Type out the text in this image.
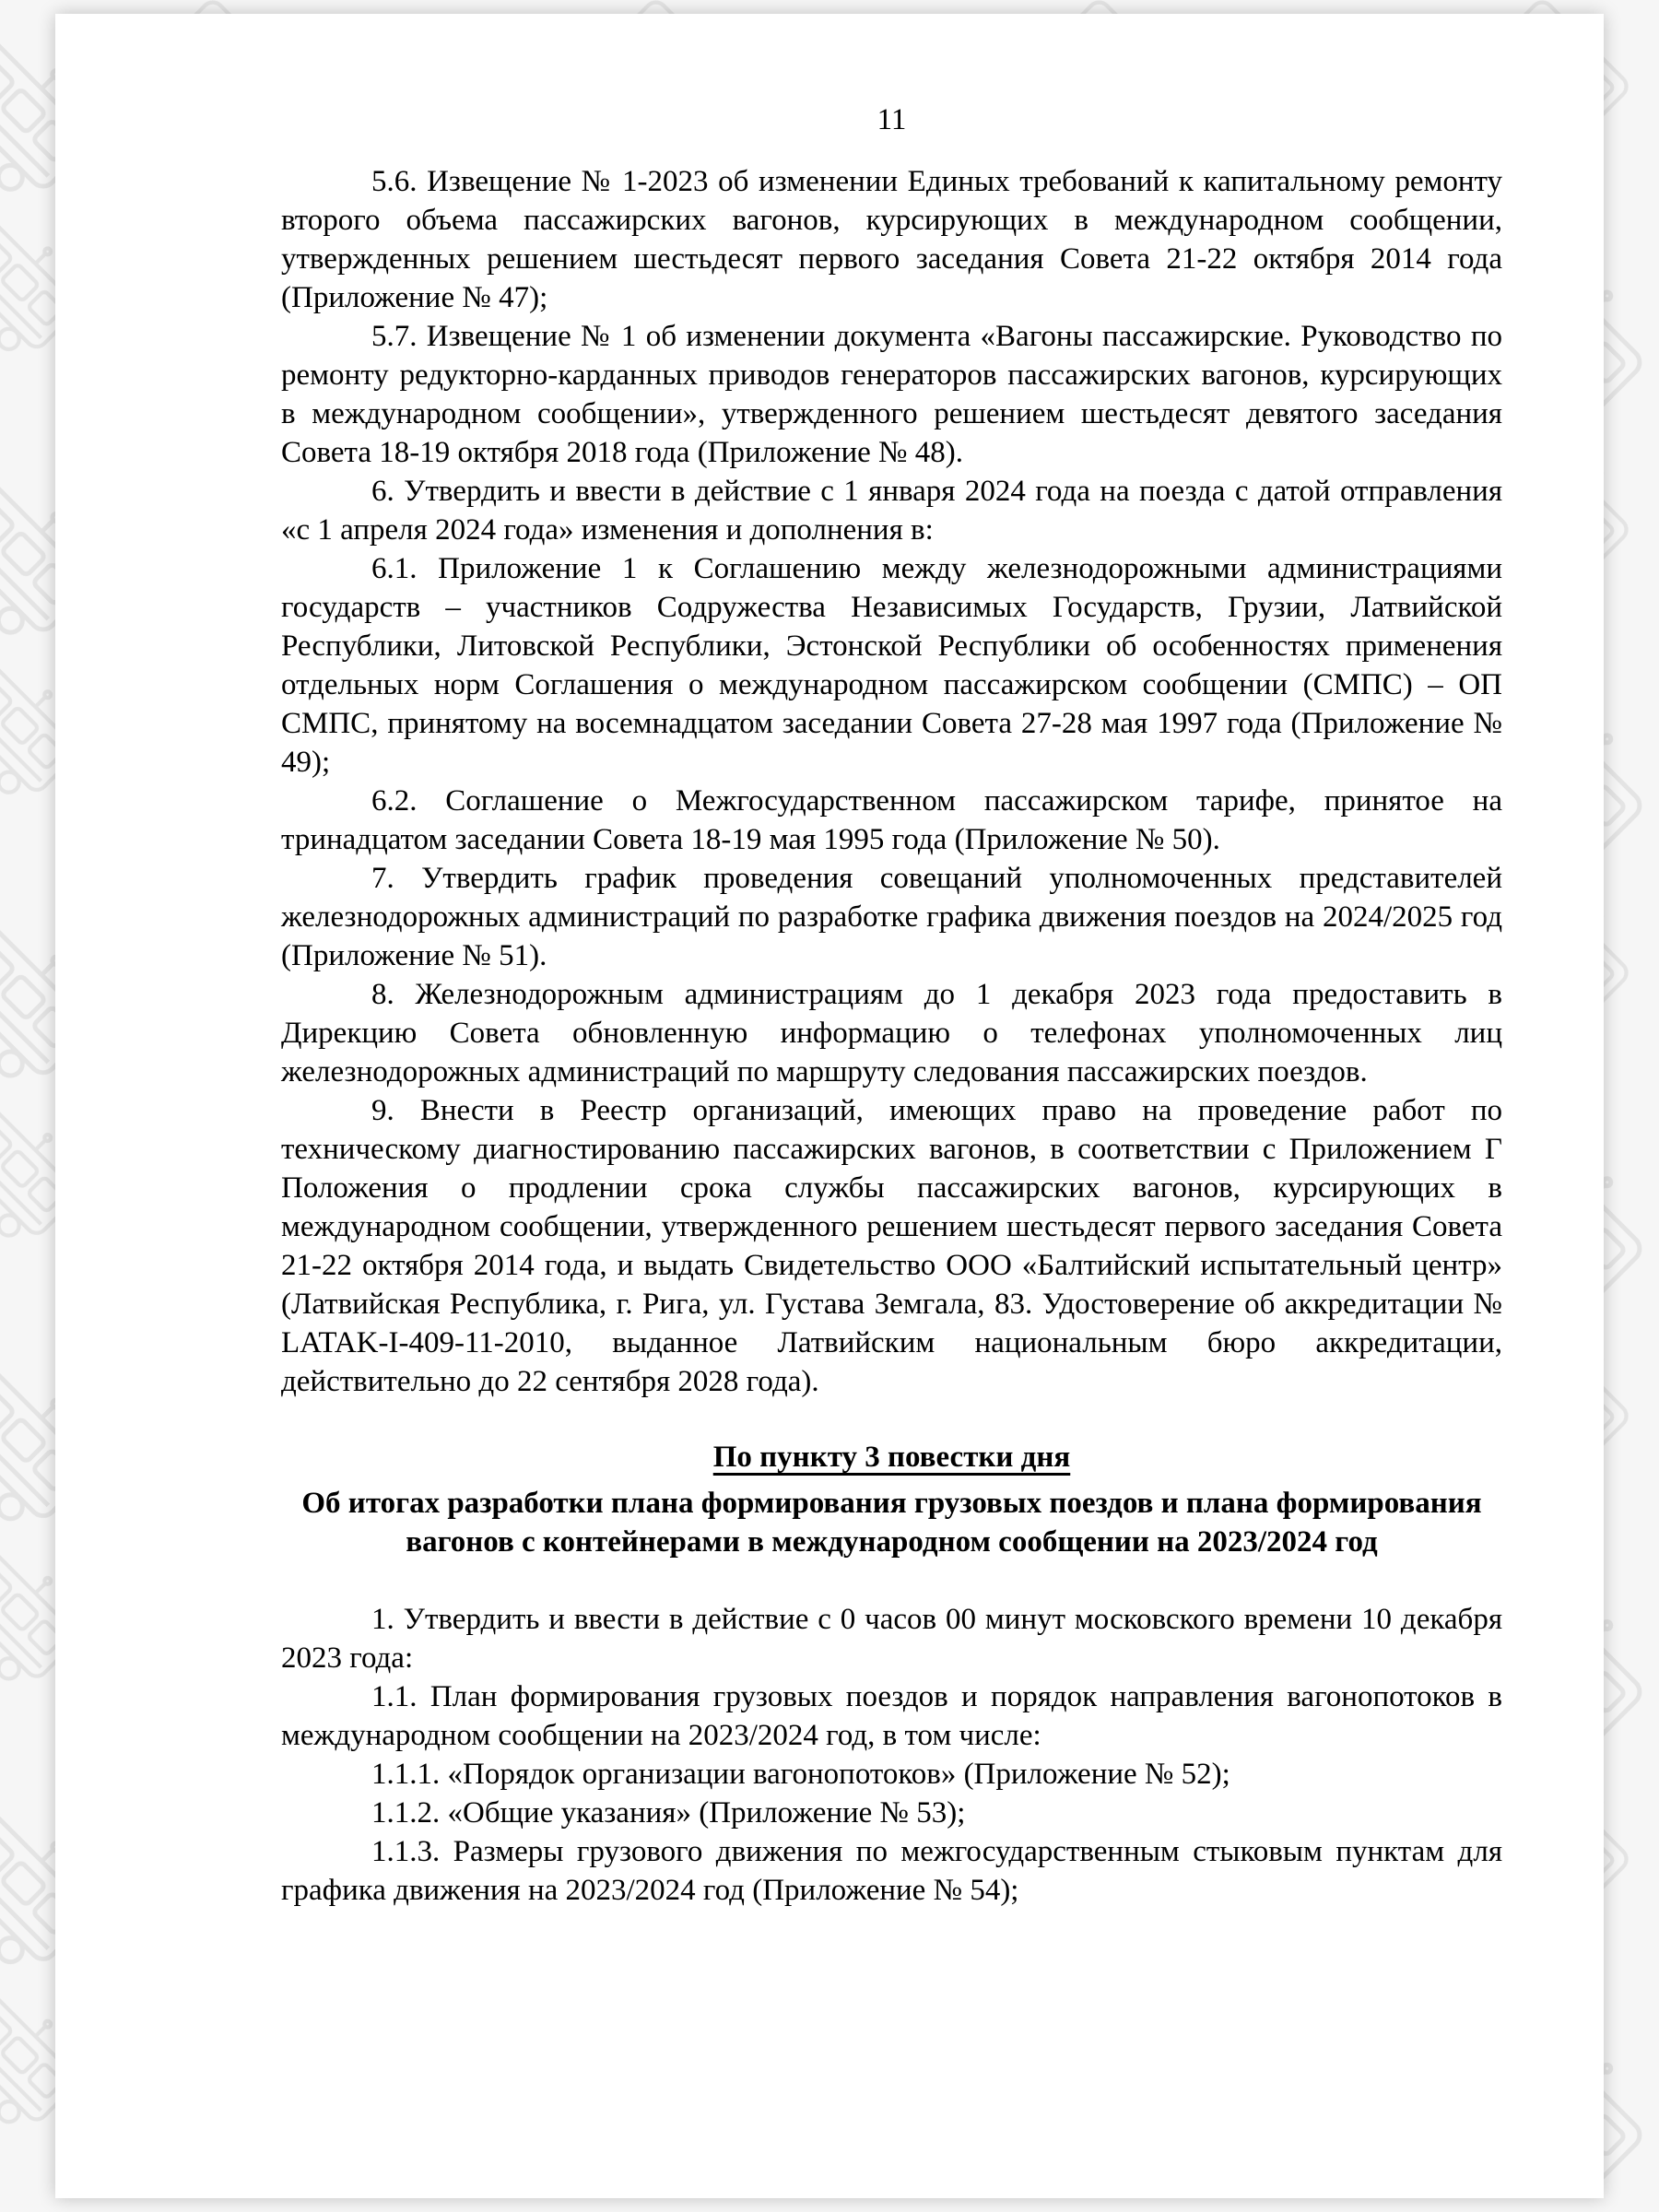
11

5.6. Извещение № 1-2023 об изменении Единых требований к капитальному ремонту второго объема пассажирских вагонов, курсирующих в международном сообщении, утвержденных решением шестьдесят первого заседания Совета 21-22 октября 2014 года (Приложение № 47);

5.7. Извещение № 1 об изменении документа «Вагоны пассажирские. Руководство по ремонту редукторно-карданных приводов генераторов пассажирских вагонов, курсирующих в международном сообщении», утвержденного решением шестьдесят девятого заседания Совета 18-19 октября 2018 года (Приложение № 48).

6. Утвердить и ввести в действие с 1 января 2024 года на поезда с датой отправления «с 1 апреля 2024 года» изменения и дополнения в:

6.1. Приложение 1 к Соглашению между железнодорожными администрациями государств – участников Содружества Независимых Государств, Грузии, Латвийской Республики, Литовской Республики, Эстонской Республики об особенностях применения отдельных норм Соглашения о международном пассажирском сообщении (СМПС) – ОП СМПС, принятому на восемнадцатом заседании Совета 27-28 мая 1997 года (Приложение № 49);

6.2. Соглашение о Межгосударственном пассажирском тарифе, принятое на тринадцатом заседании Совета 18-19 мая 1995 года (Приложение № 50).

7. Утвердить график проведения совещаний уполномоченных представителей железнодорожных администраций по разработке графика движения поездов на 2024/2025 год (Приложение № 51).

8. Железнодорожным администрациям до 1 декабря 2023 года предоставить в Дирекцию Совета обновленную информацию о телефонах уполномоченных лиц железнодорожных администраций по маршруту следования пассажирских поездов.

9. Внести в Реестр организаций, имеющих право на проведение работ по техническому диагностированию пассажирских вагонов, в соответствии с Приложением Г Положения о продлении срока службы пассажирских вагонов, курсирующих в международном сообщении, утвержденного решением шестьдесят первого заседания Совета 21-22 октября 2014 года, и выдать Свидетельство ООО «Балтийский испытательный центр» (Латвийская Республика, г. Рига, ул. Густава Земгала, 83. Удостоверение об аккредитации № LATAK-I-409-11-2010, выданное Латвийским национальным бюро аккредитации, действительно до 22 сентября 2028 года).

По пункту 3 повестки дня

Об итогах разработки плана формирования грузовых поездов и плана формирования вагонов с контейнерами в международном сообщении на 2023/2024 год

1. Утвердить и ввести в действие с 0 часов 00 минут московского времени 10 декабря 2023 года:

1.1. План формирования грузовых поездов и порядок направления вагонопотоков в международном сообщении на 2023/2024 год, в том числе:

1.1.1. «Порядок организации вагонопотоков» (Приложение № 52);

1.1.2. «Общие указания» (Приложение № 53);

1.1.3. Размеры грузового движения по межгосударственным стыковым пунктам для графика движения на 2023/2024 год (Приложение № 54);
